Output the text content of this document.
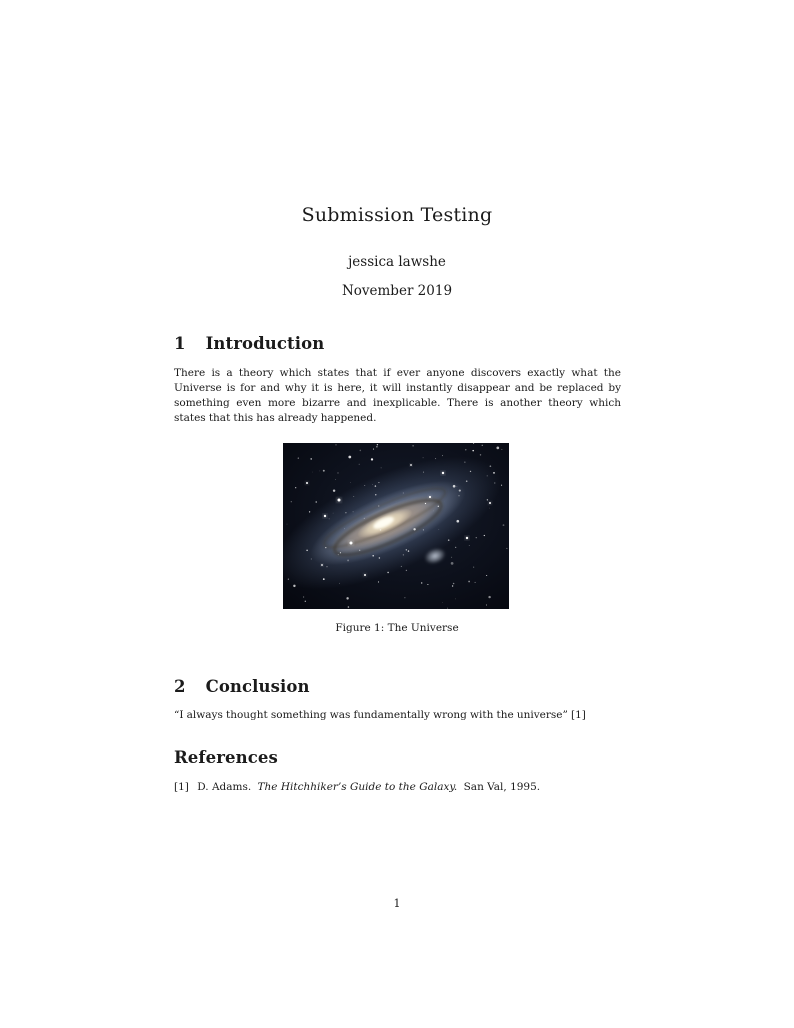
Submission Testing
jessica lawshe
November 2019
1 Introduction

There is a theory which states that if ever anyone discovers exactly what the Universe is for and why it is here, it will instantly disappear and be replaced by something even more bizarre and inexplicable. There is another theory which states that this has already happened.

Figure 1: The Universe
2 Conclusion

“I always thought something was fundamentally wrong with the universe” [1]

References
[1] D. Adams. The Hitchhiker’s Guide to the Galaxy. San Val, 1995.
1
